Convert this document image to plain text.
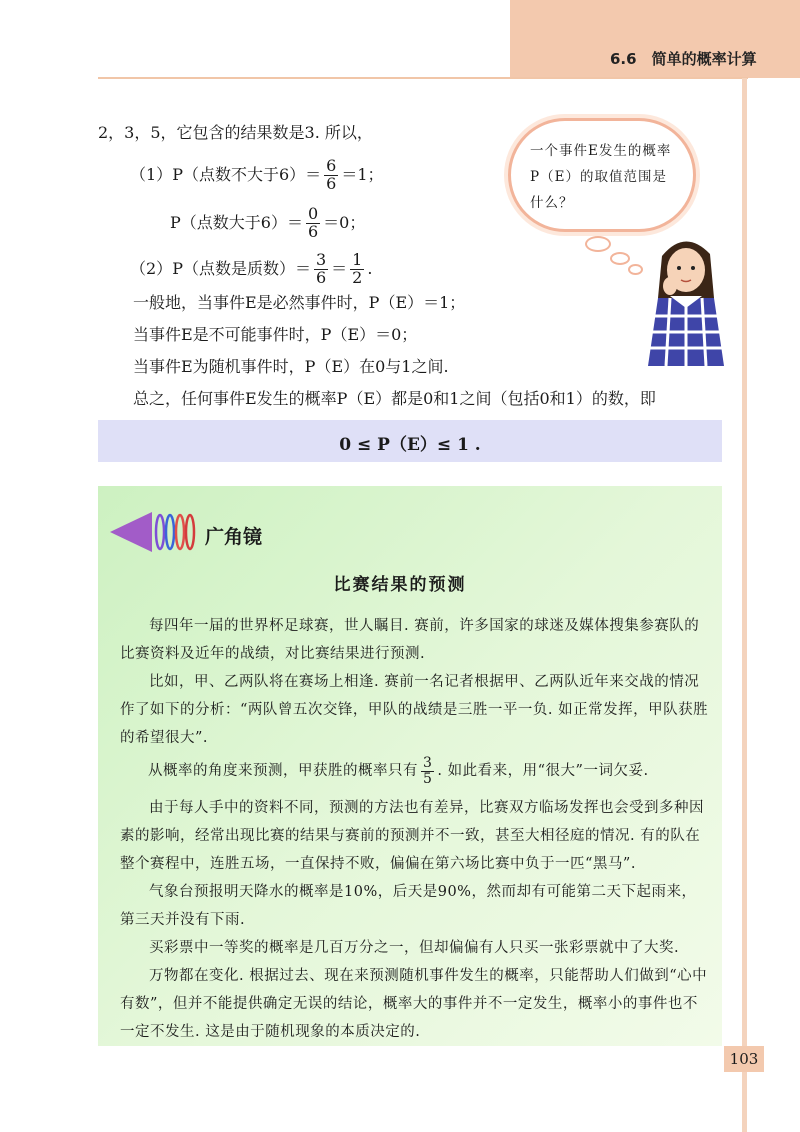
6.6　简单的概率计算
2，3，5，它包含的结果数是3. 所以，
（1）P（点数不大于$6)= \frac{6}{6} =1$；
P（点数大于$6)= \frac{0}{6} =0$；
（2）P（点数是质数）＝ $\frac{3}{6} = \frac{1}{2}$ .
一般地，当事件E是必然事件时，P（E）＝1；
当事件E是不可能事件时，P（E）＝0；
当事件E为随机事件时，P（E）在0与1之间.
总之，任何事件E发生的概率P（E）都是0和1之间（包括0和1）的数，即
一个事件E发生的概率P（E）的取值范围是什么？
0 ≤ P（E）≤ 1 .
广角镜
比赛结果的预测
每四年一届的世界杯足球赛，世人瞩目. 赛前，许多国家的球迷及媒体搜集参赛队的比赛资料及近年的战绩，对比赛结果进行预测.
比如，甲、乙两队将在赛场上相逢. 赛前一名记者根据甲、乙两队近年来交战的情况作了如下的分析：“两队曾五次交锋，甲队的战绩是三胜一平一负. 如正常发挥，甲队获胜的希望很大”.
从概率的角度来预测，甲获胜的概率只有 $\frac{3}{5}$ . 如此看来，用“很大”一词欠妥.
由于每人手中的资料不同，预测的方法也有差异，比赛双方临场发挥也会受到多种因素的影响，经常出现比赛的结果与赛前的预测并不一致，甚至大相径庭的情况. 有的队在整个赛程中，连胜五场，一直保持不败，偏偏在第六场比赛中负于一匹“黑马”.
气象台预报明天降水的概率是10%，后天是90%，然而却有可能第二天下起雨来，第三天并没有下雨.
买彩票中一等奖的概率是几百万分之一，但却偏偏有人只买一张彩票就中了大奖.
万物都在变化. 根据过去、现在来预测随机事件发生的概率，只能帮助人们做到“心中有数”，但并不能提供确定无误的结论，概率大的事件并不一定发生，概率小的事件也不一定不发生. 这是由于随机现象的本质决定的.
103
